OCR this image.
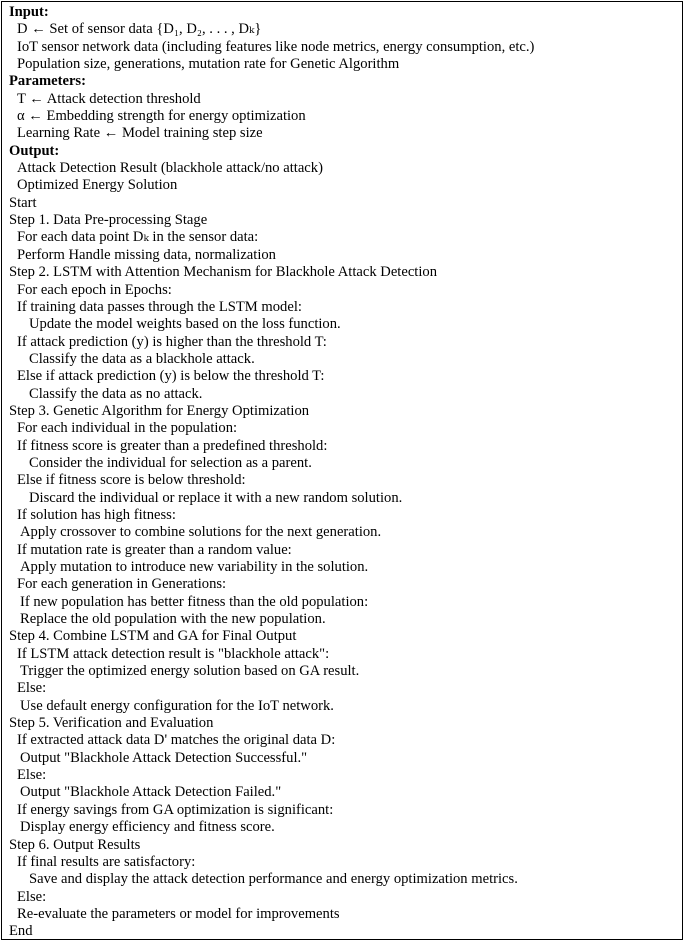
Input:
D ← Set of sensor data {D₁, D₂, . . . , Dₖ}
IoT sensor network data (including features like node metrics, energy consumption, etc.)
Population size, generations, mutation rate for Genetic Algorithm
Parameters:
T ← Attack detection threshold
α ← Embedding strength for energy optimization
Learning Rate ← Model training step size
Output:
Attack Detection Result (blackhole attack/no attack)
Optimized Energy Solution
Start
Step 1. Data Pre-processing Stage
For each data point Dₖ in the sensor data:
Perform Handle missing data, normalization
Step 2. LSTM with Attention Mechanism for Blackhole Attack Detection
For each epoch in Epochs:
If training data passes through the LSTM model:
Update the model weights based on the loss function.
If attack prediction (y) is higher than the threshold T:
Classify the data as a blackhole attack.
Else if attack prediction (y) is below the threshold T:
Classify the data as no attack.
Step 3. Genetic Algorithm for Energy Optimization
For each individual in the population:
If fitness score is greater than a predefined threshold:
Consider the individual for selection as a parent.
Else if fitness score is below threshold:
Discard the individual or replace it with a new random solution.
If solution has high fitness:
Apply crossover to combine solutions for the next generation.
If mutation rate is greater than a random value:
Apply mutation to introduce new variability in the solution.
For each generation in Generations:
If new population has better fitness than the old population:
Replace the old population with the new population.
Step 4. Combine LSTM and GA for Final Output
If LSTM attack detection result is "blackhole attack":
Trigger the optimized energy solution based on GA result.
Else:
Use default energy configuration for the IoT network.
Step 5. Verification and Evaluation
If extracted attack data D' matches the original data D:
Output "Blackhole Attack Detection Successful."
Else:
Output "Blackhole Attack Detection Failed."
If energy savings from GA optimization is significant:
Display energy efficiency and fitness score.
Step 6. Output Results
If final results are satisfactory:
Save and display the attack detection performance and energy optimization metrics.
Else:
Re-evaluate the parameters or model for improvements
End
